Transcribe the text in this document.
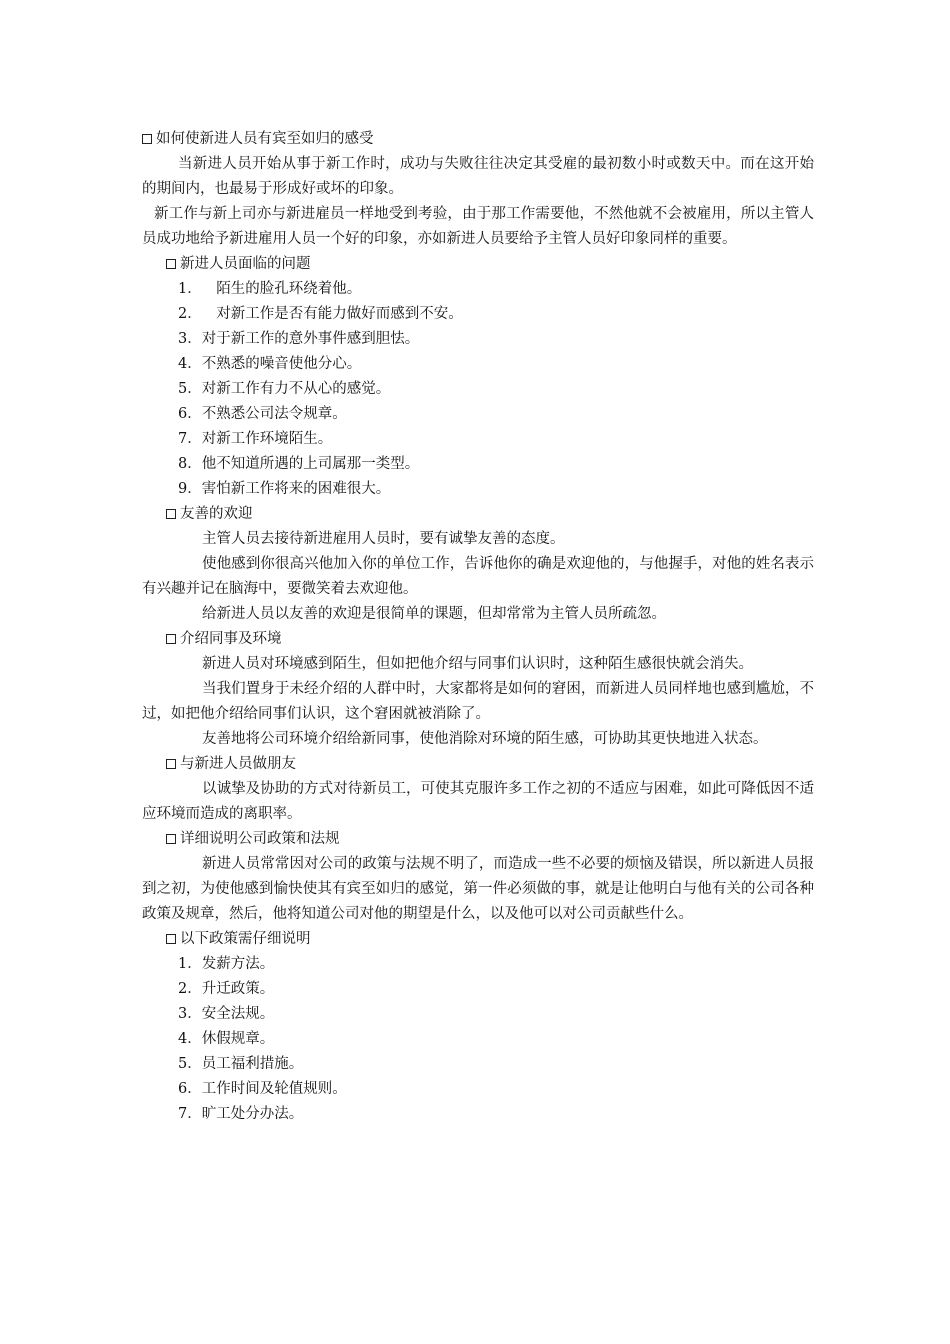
如何使新进人员有宾至如归的感受
当新进人员开始从事于新工作时，成功与失败往往决定其受雇的最初数小时或数天中。而在这开始的期间内，也最易于形成好或坏的印象。
新工作与新上司亦与新进雇员一样地受到考验，由于那工作需要他，不然他就不会被雇用，所以主管人员成功地给予新进雇用人员一个好的印象，亦如新进人员要给予主管人员好印象同样的重要。
新进人员面临的问题
1．　陌生的脸孔环绕着他。
2．　对新工作是否有能力做好而感到不安。
3．对于新工作的意外事件感到胆怯。
4．不熟悉的噪音使他分心。
5．对新工作有力不从心的感觉。
6．不熟悉公司法令规章。
7．对新工作环境陌生。
8．他不知道所遇的上司属那一类型。
9．害怕新工作将来的困难很大。
友善的欢迎
主管人员去接待新进雇用人员时，要有诚挚友善的态度。
使他感到你很高兴他加入你的单位工作，告诉他你的确是欢迎他的，与他握手，对他的姓名表示有兴趣并记在脑海中，要微笑着去欢迎他。
给新进人员以友善的欢迎是很简单的课题，但却常常为主管人员所疏忽。
介绍同事及环境
新进人员对环境感到陌生，但如把他介绍与同事们认识时，这种陌生感很快就会消失。
当我们置身于未经介绍的人群中时，大家都将是如何的窘困，而新进人员同样地也感到尴尬，不过，如把他介绍给同事们认识，这个窘困就被消除了。
友善地将公司环境介绍给新同事，使他消除对环境的陌生感，可协助其更快地进入状态。
与新进人员做朋友
以诚挚及协助的方式对待新员工，可使其克服许多工作之初的不适应与困难，如此可降低因不适应环境而造成的离职率。
详细说明公司政策和法规
新进人员常常因对公司的政策与法规不明了，而造成一些不必要的烦恼及错误，所以新进人员报到之初，为使他感到愉快使其有宾至如归的感觉，第一件必须做的事，就是让他明白与他有关的公司各种政策及规章，然后，他将知道公司对他的期望是什么，以及他可以对公司贡献些什么。
以下政策需仔细说明
1．发薪方法。
2．升迁政策。
3．安全法规。
4．休假规章。
5．员工福利措施。
6．工作时间及轮值规则。
7．旷工处分办法。
